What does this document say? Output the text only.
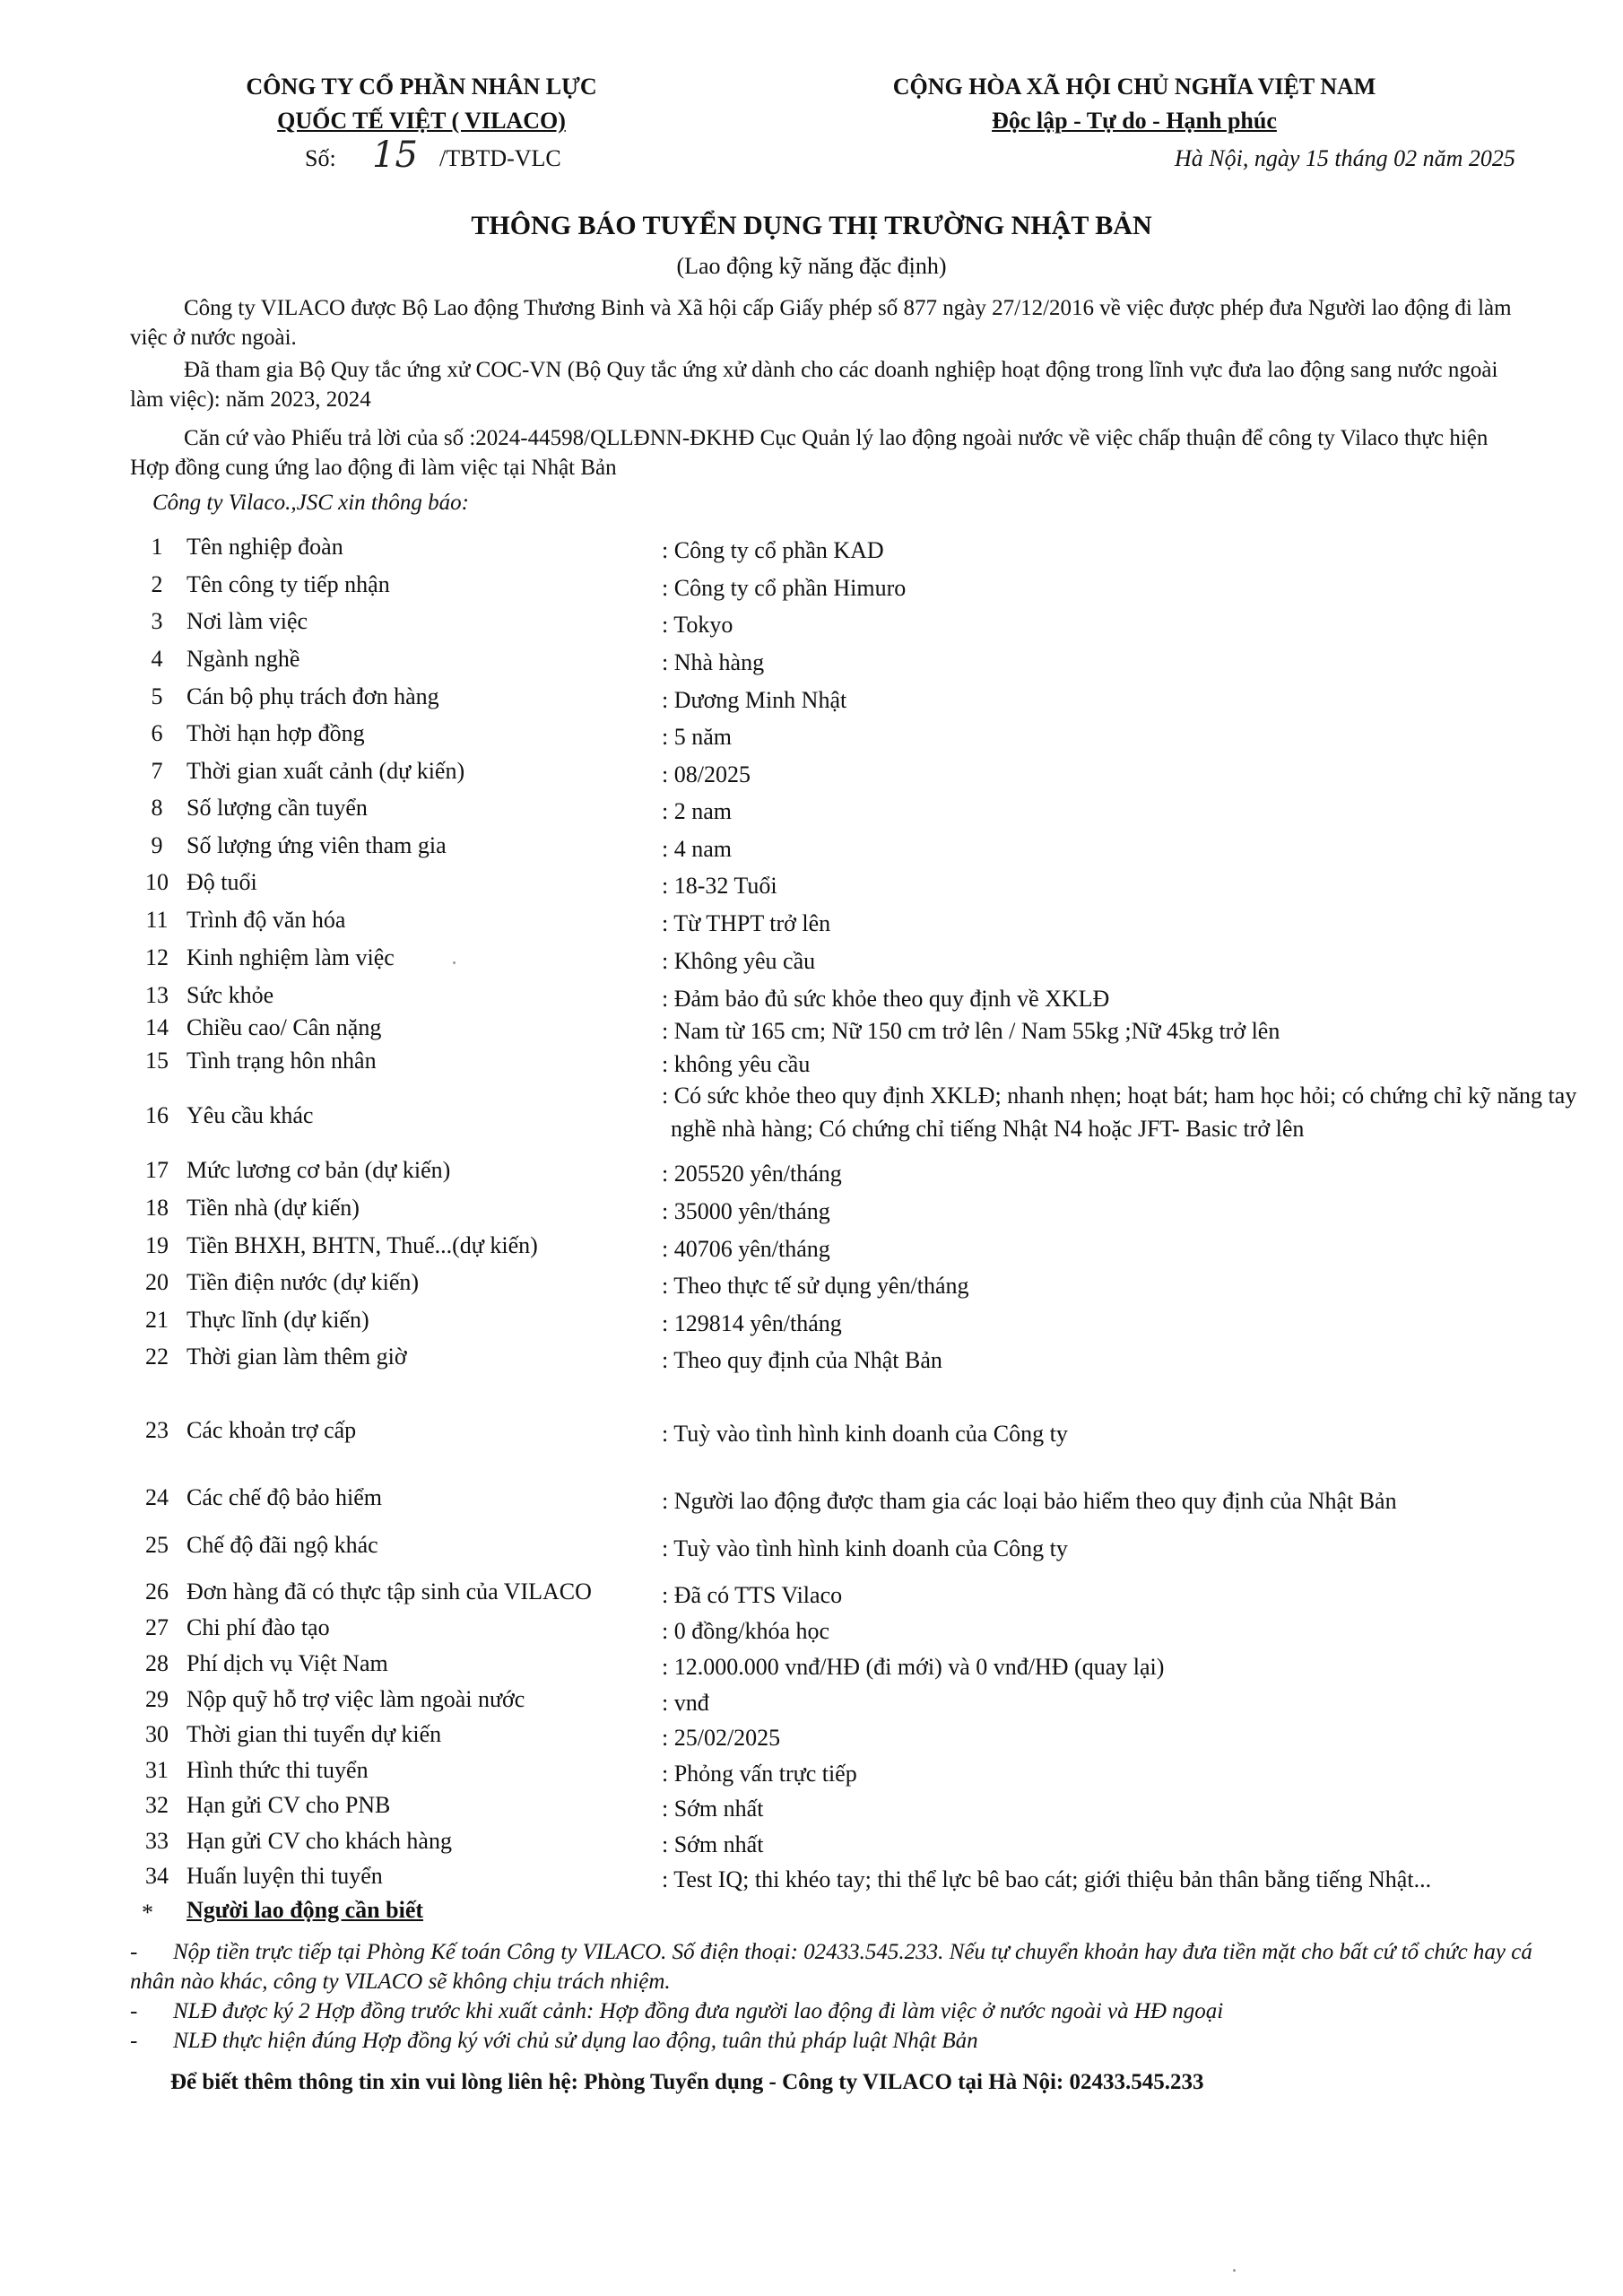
CÔNG TY CỔ PHẦN NHÂN LỰC
QUỐC TẾ VIỆT ( VILACO)
Số: 15 /TBTD-VLC
CỘNG HÒA XÃ HỘI CHỦ NGHĨA VIỆT NAM
Độc lập - Tự do - Hạnh phúc
Hà Nội, ngày 15 tháng 02 năm 2025
THÔNG BÁO TUYỂN DỤNG THỊ TRƯỜNG NHẬT BẢN
(Lao động kỹ năng đặc định)
Công ty VILACO được Bộ Lao động Thương Binh và Xã hội cấp Giấy phép số 877 ngày 27/12/2016 về việc được phép đưa Người lao động đi làm việc ở nước ngoài.
Đã tham gia Bộ Quy tắc ứng xử COC-VN (Bộ Quy tắc ứng xử dành cho các doanh nghiệp hoạt động trong lĩnh vực đưa lao động sang nước ngoài làm việc): năm 2023, 2024
Căn cứ vào Phiếu trả lời của số :2024-44598/QLLĐNN-ĐKHĐ Cục Quản lý lao động ngoài nước về việc chấp thuận để công ty Vilaco thực hiện Hợp đồng cung ứng lao động đi làm việc tại Nhật Bản
Công ty Vilaco.,JSC xin thông báo:
1	Tên nghiệp đoàn	: Công ty cổ phần KAD
2	Tên công ty tiếp nhận	: Công ty cổ phần Himuro
3	Nơi làm việc	: Tokyo
4	Ngành nghề	: Nhà hàng
5	Cán bộ phụ trách đơn hàng	: Dương Minh Nhật
6	Thời hạn hợp đồng	: 5 năm
7	Thời gian xuất cảnh (dự kiến)	: 08/2025
8	Số lượng cần tuyển	: 2 nam
9	Số lượng ứng viên tham gia	: 4 nam
10 Độ tuổi	: 18-32 Tuổi
11 Trình độ văn hóa	: Từ THPT trở lên
12 Kinh nghiệm làm việc	: Không yêu cầu
13 Sức khỏe	: Đảm bảo đủ sức khỏe theo quy định về XKLĐ
14 Chiều cao/ Cân nặng	: Nam từ 165 cm; Nữ 150 cm trở lên / Nam 55kg ;Nữ 45kg trở lên
15 Tình trạng hôn nhân	: không yêu cầu
16 Yêu cầu khác
: Có sức khỏe theo quy định XKLĐ; nhanh nhẹn; hoạt bát; ham học hỏi; có chứng chỉ kỹ năng tay nghề nhà hàng; Có chứng chỉ tiếng Nhật N4 hoặc JFT- Basic trở lên
17 Mức lương cơ bản (dự kiến)	: 205520 yên/tháng
18 Tiền nhà (dự kiến)	: 35000 yên/tháng
19 Tiền BHXH, BHTN, Thuế...(dự kiến)	: 40706 yên/tháng
20 Tiền điện nước (dự kiến)	: Theo thực tế sử dụng yên/tháng
21 Thực lĩnh (dự kiến)	: 129814 yên/tháng
22 Thời gian làm thêm giờ	: Theo quy định của Nhật Bản
23 Các khoản trợ cấp	: Tuỳ vào tình hình kinh doanh của Công ty
24 Các chế độ bảo hiểm	: Người lao động được tham gia các loại bảo hiểm theo quy định của Nhật Bản
25 Chế độ đãi ngộ khác	: Tuỳ vào tình hình kinh doanh của Công ty
26 Đơn hàng đã có thực tập sinh của VILACO	: Đã có TTS Vilaco
27 Chi phí đào tạo	: 0 đồng/khóa học
28 Phí dịch vụ Việt Nam	: 12.000.000 vnđ/HĐ (đi mới) và 0 vnđ/HĐ (quay lại)
29 Nộp quỹ hỗ trợ việc làm ngoài nước	: vnđ
30 Thời gian thi tuyển dự kiến	: 25/02/2025
31 Hình thức thi tuyển	: Phỏng vấn trực tiếp
32 Hạn gửi CV cho PNB	: Sớm nhất
33 Hạn gửi CV cho khách hàng	: Sớm nhất
34 Huấn luyện thi tuyển	: Test IQ; thi khéo tay; thi thể lực bê bao cát; giới thiệu bản thân bằng tiếng Nhật...
* Người lao động cần biết
- Nộp tiền trực tiếp tại Phòng Kế toán Công ty VILACO. Số điện thoại: 02433.545.233. Nếu tự chuyển khoản hay đưa tiền mặt cho bất cứ tổ chức hay cá nhân nào khác, công ty VILACO sẽ không chịu trách nhiệm.
- NLĐ được ký 2 Hợp đồng trước khi xuất cảnh: Hợp đồng đưa người lao động đi làm việc ở nước ngoài và HĐ ngoại
- NLĐ thực hiện đúng Hợp đồng ký với chủ sử dụng lao động, tuân thủ pháp luật Nhật Bản
Để biết thêm thông tin xin vui lòng liên hệ: Phòng Tuyển dụng - Công ty VILACO tại Hà Nội: 02433.545.233
